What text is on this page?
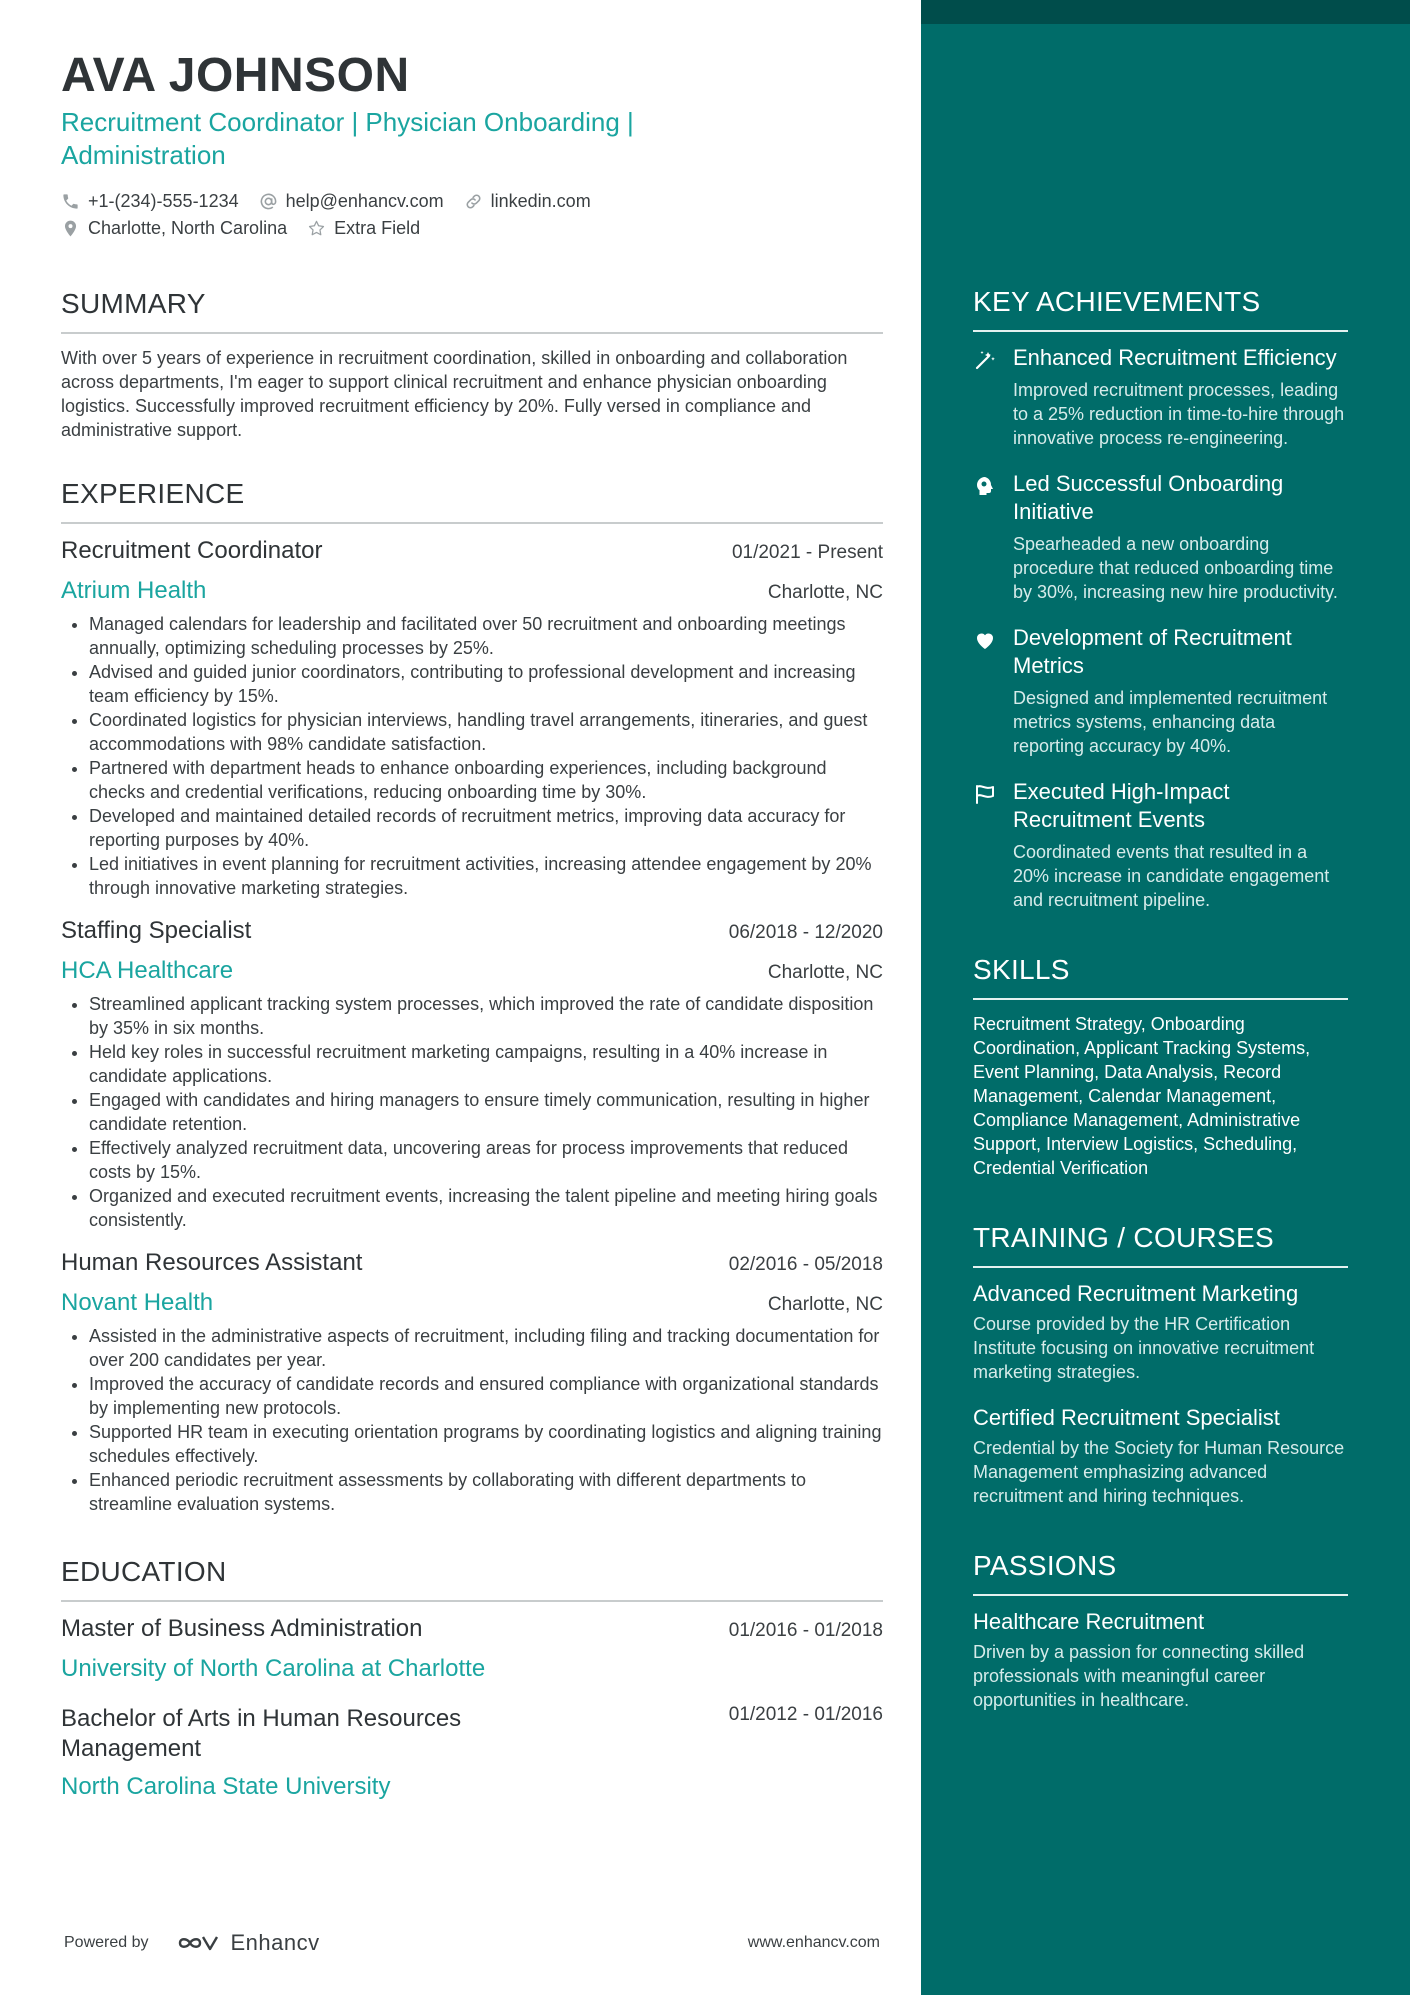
AVA JOHNSON
Recruitment Coordinator | Physician Onboarding | Administration
+1-(234)-555-1234	help@enhancv.com	linkedin.com
Charlotte, North Carolina	Extra Field
SUMMARY
With over 5 years of experience in recruitment coordination, skilled in onboarding and collaboration across departments, I'm eager to support clinical recruitment and enhance physician onboarding logistics. Successfully improved recruitment efficiency by 20%. Fully versed in compliance and administrative support.
EXPERIENCE
Recruitment Coordinator	01/2021 - Present
Atrium Health	Charlotte, NC
• Managed calendars for leadership and facilitated over 50 recruitment and onboarding meetings annually, optimizing scheduling processes by 25%.
• Advised and guided junior coordinators, contributing to professional development and increasing team efficiency by 15%.
• Coordinated logistics for physician interviews, handling travel arrangements, itineraries, and guest accommodations with 98% candidate satisfaction.
• Partnered with department heads to enhance onboarding experiences, including background checks and credential verifications, reducing onboarding time by 30%.
• Developed and maintained detailed records of recruitment metrics, improving data accuracy for reporting purposes by 40%.
• Led initiatives in event planning for recruitment activities, increasing attendee engagement by 20% through innovative marketing strategies.
Staffing Specialist	06/2018 - 12/2020
HCA Healthcare	Charlotte, NC
• Streamlined applicant tracking system processes, which improved the rate of candidate disposition by 35% in six months.
• Held key roles in successful recruitment marketing campaigns, resulting in a 40% increase in candidate applications.
• Engaged with candidates and hiring managers to ensure timely communication, resulting in higher candidate retention.
• Effectively analyzed recruitment data, uncovering areas for process improvements that reduced costs by 15%.
• Organized and executed recruitment events, increasing the talent pipeline and meeting hiring goals consistently.
Human Resources Assistant	02/2016 - 05/2018
Novant Health	Charlotte, NC
• Assisted in the administrative aspects of recruitment, including filing and tracking documentation for over 200 candidates per year.
• Improved the accuracy of candidate records and ensured compliance with organizational standards by implementing new protocols.
• Supported HR team in executing orientation programs by coordinating logistics and aligning training schedules effectively.
• Enhanced periodic recruitment assessments by collaborating with different departments to streamline evaluation systems.
EDUCATION
Master of Business Administration	01/2016 - 01/2018
University of North Carolina at Charlotte
Bachelor of Arts in Human Resources Management
01/2012 - 01/2016
North Carolina State University
Powered by	Enhancv	www.enhancv.com
KEY ACHIEVEMENTS
Enhanced Recruitment Efficiency
Improved recruitment processes, leading to a 25% reduction in time-to-hire through innovative process re-engineering.
Led Successful Onboarding Initiative
Spearheaded a new onboarding procedure that reduced onboarding time by 30%, increasing new hire productivity.
Development of Recruitment Metrics
Designed and implemented recruitment metrics systems, enhancing data reporting accuracy by 40%.
Executed High-Impact Recruitment Events
Coordinated events that resulted in a 20% increase in candidate engagement and recruitment pipeline.
SKILLS
Recruitment Strategy, Onboarding Coordination, Applicant Tracking Systems, Event Planning, Data Analysis, Record Management, Calendar Management, Compliance Management, Administrative Support, Interview Logistics, Scheduling, Credential Verification
TRAINING / COURSES
Advanced Recruitment Marketing
Course provided by the HR Certification Institute focusing on innovative recruitment marketing strategies.
Certified Recruitment Specialist
Credential by the Society for Human Resource Management emphasizing advanced recruitment and hiring techniques.
PASSIONS
Healthcare Recruitment
Driven by a passion for connecting skilled professionals with meaningful career opportunities in healthcare.
